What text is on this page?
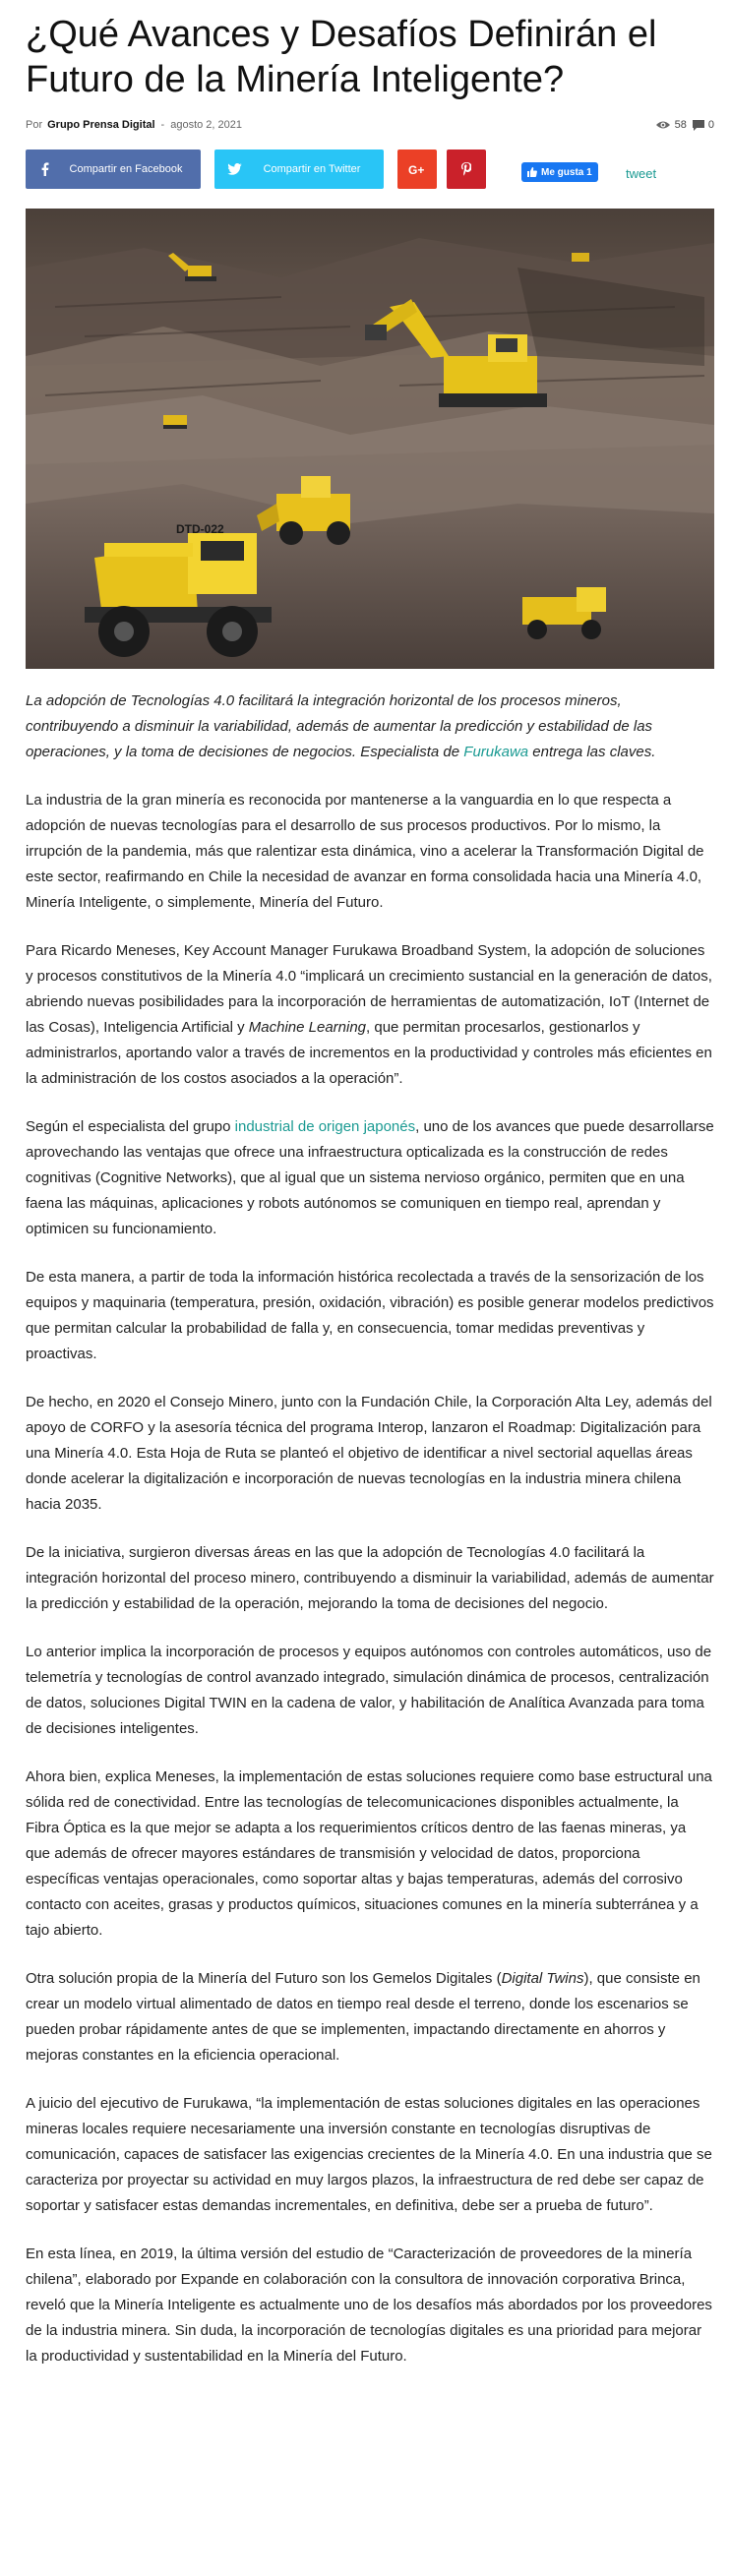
¿Qué Avances y Desafíos Definirán el Futuro de la Minería Inteligente?
Por Grupo Prensa Digital - agosto 2, 2021	58 0
Compartir en Facebook	Compartir en Twitter	G+	Me gusta 1	tweet
DTD-022

La adopción de Tecnologías 4.0 facilitará la integración horizontal de los procesos mineros, contribuyendo a disminuir la variabilidad, además de aumentar la predicción y estabilidad de las operaciones, y la toma de decisiones de negocios. Especialista de Furukawa entrega las claves.

La industria de la gran minería es reconocida por mantenerse a la vanguardia en lo que respecta a adopción de nuevas tecnologías para el desarrollo de sus procesos productivos. Por lo mismo, la irrupción de la pandemia, más que ralentizar esta dinámica, vino a acelerar la Transformación Digital de este sector, reafirmando en Chile la necesidad de avanzar en forma consolidada hacia una Minería 4.0, Minería Inteligente, o simplemente, Minería del Futuro.

Para Ricardo Meneses, Key Account Manager Furukawa Broadband System, la adopción de soluciones y procesos constitutivos de la Minería 4.0 “implicará un crecimiento sustancial en la generación de datos, abriendo nuevas posibilidades para la incorporación de herramientas de automatización, IoT (Internet de las Cosas), Inteligencia Artificial y Machine Learning, que permitan procesarlos, gestionarlos y administrarlos, aportando valor a través de incrementos en la productividad y controles más eficientes en la administración de los costos asociados a la operación”.

Según el especialista del grupo industrial de origen japonés, uno de los avances que puede desarrollarse aprovechando las ventajas que ofrece una infraestructura opticalizada es la construcción de redes cognitivas (Cognitive Networks), que al igual que un sistema nervioso orgánico, permiten que en una faena las máquinas, aplicaciones y robots autónomos se comuniquen en tiempo real, aprendan y optimicen su funcionamiento.

De esta manera, a partir de toda la información histórica recolectada a través de la sensorización de los equipos y maquinaria (temperatura, presión, oxidación, vibración) es posible generar modelos predictivos que permitan calcular la probabilidad de falla y, en consecuencia, tomar medidas preventivas y proactivas.

De hecho, en 2020 el Consejo Minero, junto con la Fundación Chile, la Corporación Alta Ley, además del apoyo de CORFO y la asesoría técnica del programa Interop, lanzaron el Roadmap: Digitalización para una Minería 4.0. Esta Hoja de Ruta se planteó el objetivo de identificar a nivel sectorial aquellas áreas donde acelerar la digitalización e incorporación de nuevas tecnologías en la industria minera chilena hacia 2035.

De la iniciativa, surgieron diversas áreas en las que la adopción de Tecnologías 4.0 facilitará la integración horizontal del proceso minero, contribuyendo a disminuir la variabilidad, además de aumentar la predicción y estabilidad de la operación, mejorando la toma de decisiones del negocio.

Lo anterior implica la incorporación de procesos y equipos autónomos con controles automáticos, uso de telemetría y tecnologías de control avanzado integrado, simulación dinámica de procesos, centralización de datos, soluciones Digital TWIN en la cadena de valor, y habilitación de Analítica Avanzada para toma de decisiones inteligentes.

Ahora bien, explica Meneses, la implementación de estas soluciones requiere como base estructural una sólida red de conectividad. Entre las tecnologías de telecomunicaciones disponibles actualmente, la Fibra Óptica es la que mejor se adapta a los requerimientos críticos dentro de las faenas mineras, ya que además de ofrecer mayores estándares de transmisión y velocidad de datos, proporciona específicas ventajas operacionales, como soportar altas y bajas temperaturas, además del corrosivo contacto con aceites, grasas y productos químicos, situaciones comunes en la minería subterránea y a tajo abierto.

Otra solución propia de la Minería del Futuro son los Gemelos Digitales (Digital Twins), que consiste en crear un modelo virtual alimentado de datos en tiempo real desde el terreno, donde los escenarios se pueden probar rápidamente antes de que se implementen, impactando directamente en ahorros y mejoras constantes en la eficiencia operacional.

A juicio del ejecutivo de Furukawa, “la implementación de estas soluciones digitales en las operaciones mineras locales requiere necesariamente una inversión constante en tecnologías disruptivas de comunicación, capaces de satisfacer las exigencias crecientes de la Minería 4.0. En una industria que se caracteriza por proyectar su actividad en muy largos plazos, la infraestructura de red debe ser capaz de soportar y satisfacer estas demandas incrementales, en definitiva, debe ser a prueba de futuro”.

En esta línea, en 2019, la última versión del estudio de “Caracterización de proveedores de la minería chilena”, elaborado por Expande en colaboración con la consultora de innovación corporativa Brinca, reveló que la Minería Inteligente es actualmente uno de los desafíos más abordados por los proveedores de la industria minera. Sin duda, la incorporación de tecnologías digitales es una prioridad para mejorar la productividad y sustentabilidad en la Minería del Futuro.
